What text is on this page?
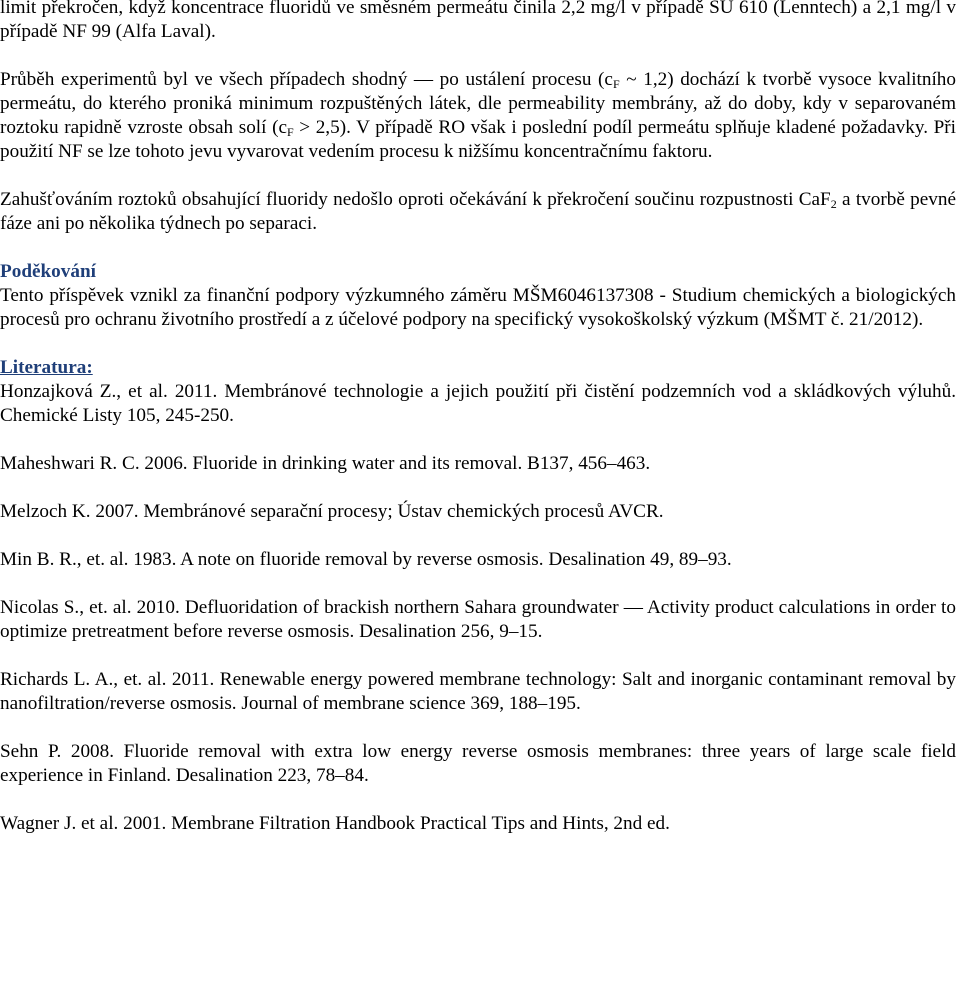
limit překročen, když koncentrace fluoridů ve směsném permeátu činila 2,2 mg/l v případě SU 610 (Lenntech) a 2,1 mg/l v případě NF 99 (Alfa Laval).

Průběh experimentů byl ve všech případech shodný ― po ustálení procesu ($c_F$ ~ 1,2) dochází k tvorbě vysoce kvalitního permeátu, do kterého proniká minimum rozpuštěných látek, dle permeability membrány, až do doby, kdy v separovaném roztoku rapidně vzroste obsah solí $(c_F > 2,5)$. V případě RO však i poslední podíl permeátu splňuje kladené požadavky. Při použití NF se lze tohoto jevu vyvarovat vedením procesu k nižšímu koncentračnímu faktoru.

Zahušťováním roztoků obsahující fluoridy nedošlo oproti očekávání k překročení součinu rozpustnosti CaF$_2$ a tvorbě pevné fáze ani po několika týdnech po separaci.

Poděkování

Tento příspěvek vznikl za finanční podpory výzkumného záměru MŠM6046137308 - Studium chemických a biologických procesů pro ochranu životního prostředí a z účelové podpory na specifický vysokoškolský výzkum (MŠMT č. 21/2012).

Literatura:

Honzajková Z., et al. 2011. Membránové technologie a jejich použití při čistění podzemních vod a skládkových výluhů. Chemické Listy 105, 245-250.

Maheshwari R. C. 2006. Fluoride in drinking water and its removal. B137, 456–463.

Melzoch K. 2007. Membránové separační procesy; Ústav chemických procesů AVCR.

Min B. R., et. al. 1983. A note on fluoride removal by reverse osmosis. Desalination 49, 89–93.

Nicolas S., et. al. 2010. Defluoridation of brackish northern Sahara groundwater ― Activity product calculations in order to optimize pretreatment before reverse osmosis. Desalination 256, 9–15.

Richards L. A., et. al. 2011. Renewable energy powered membrane technology: Salt and inorganic contaminant removal by nanofiltration/reverse osmosis. Journal of membrane science 369, 188–195.

Sehn P. 2008. Fluoride removal with extra low energy reverse osmosis membranes: three years of large scale field experience in Finland. Desalination 223, 78–84.

Wagner J. et al. 2001. Membrane Filtration Handbook Practical Tips and Hints, 2nd ed.
